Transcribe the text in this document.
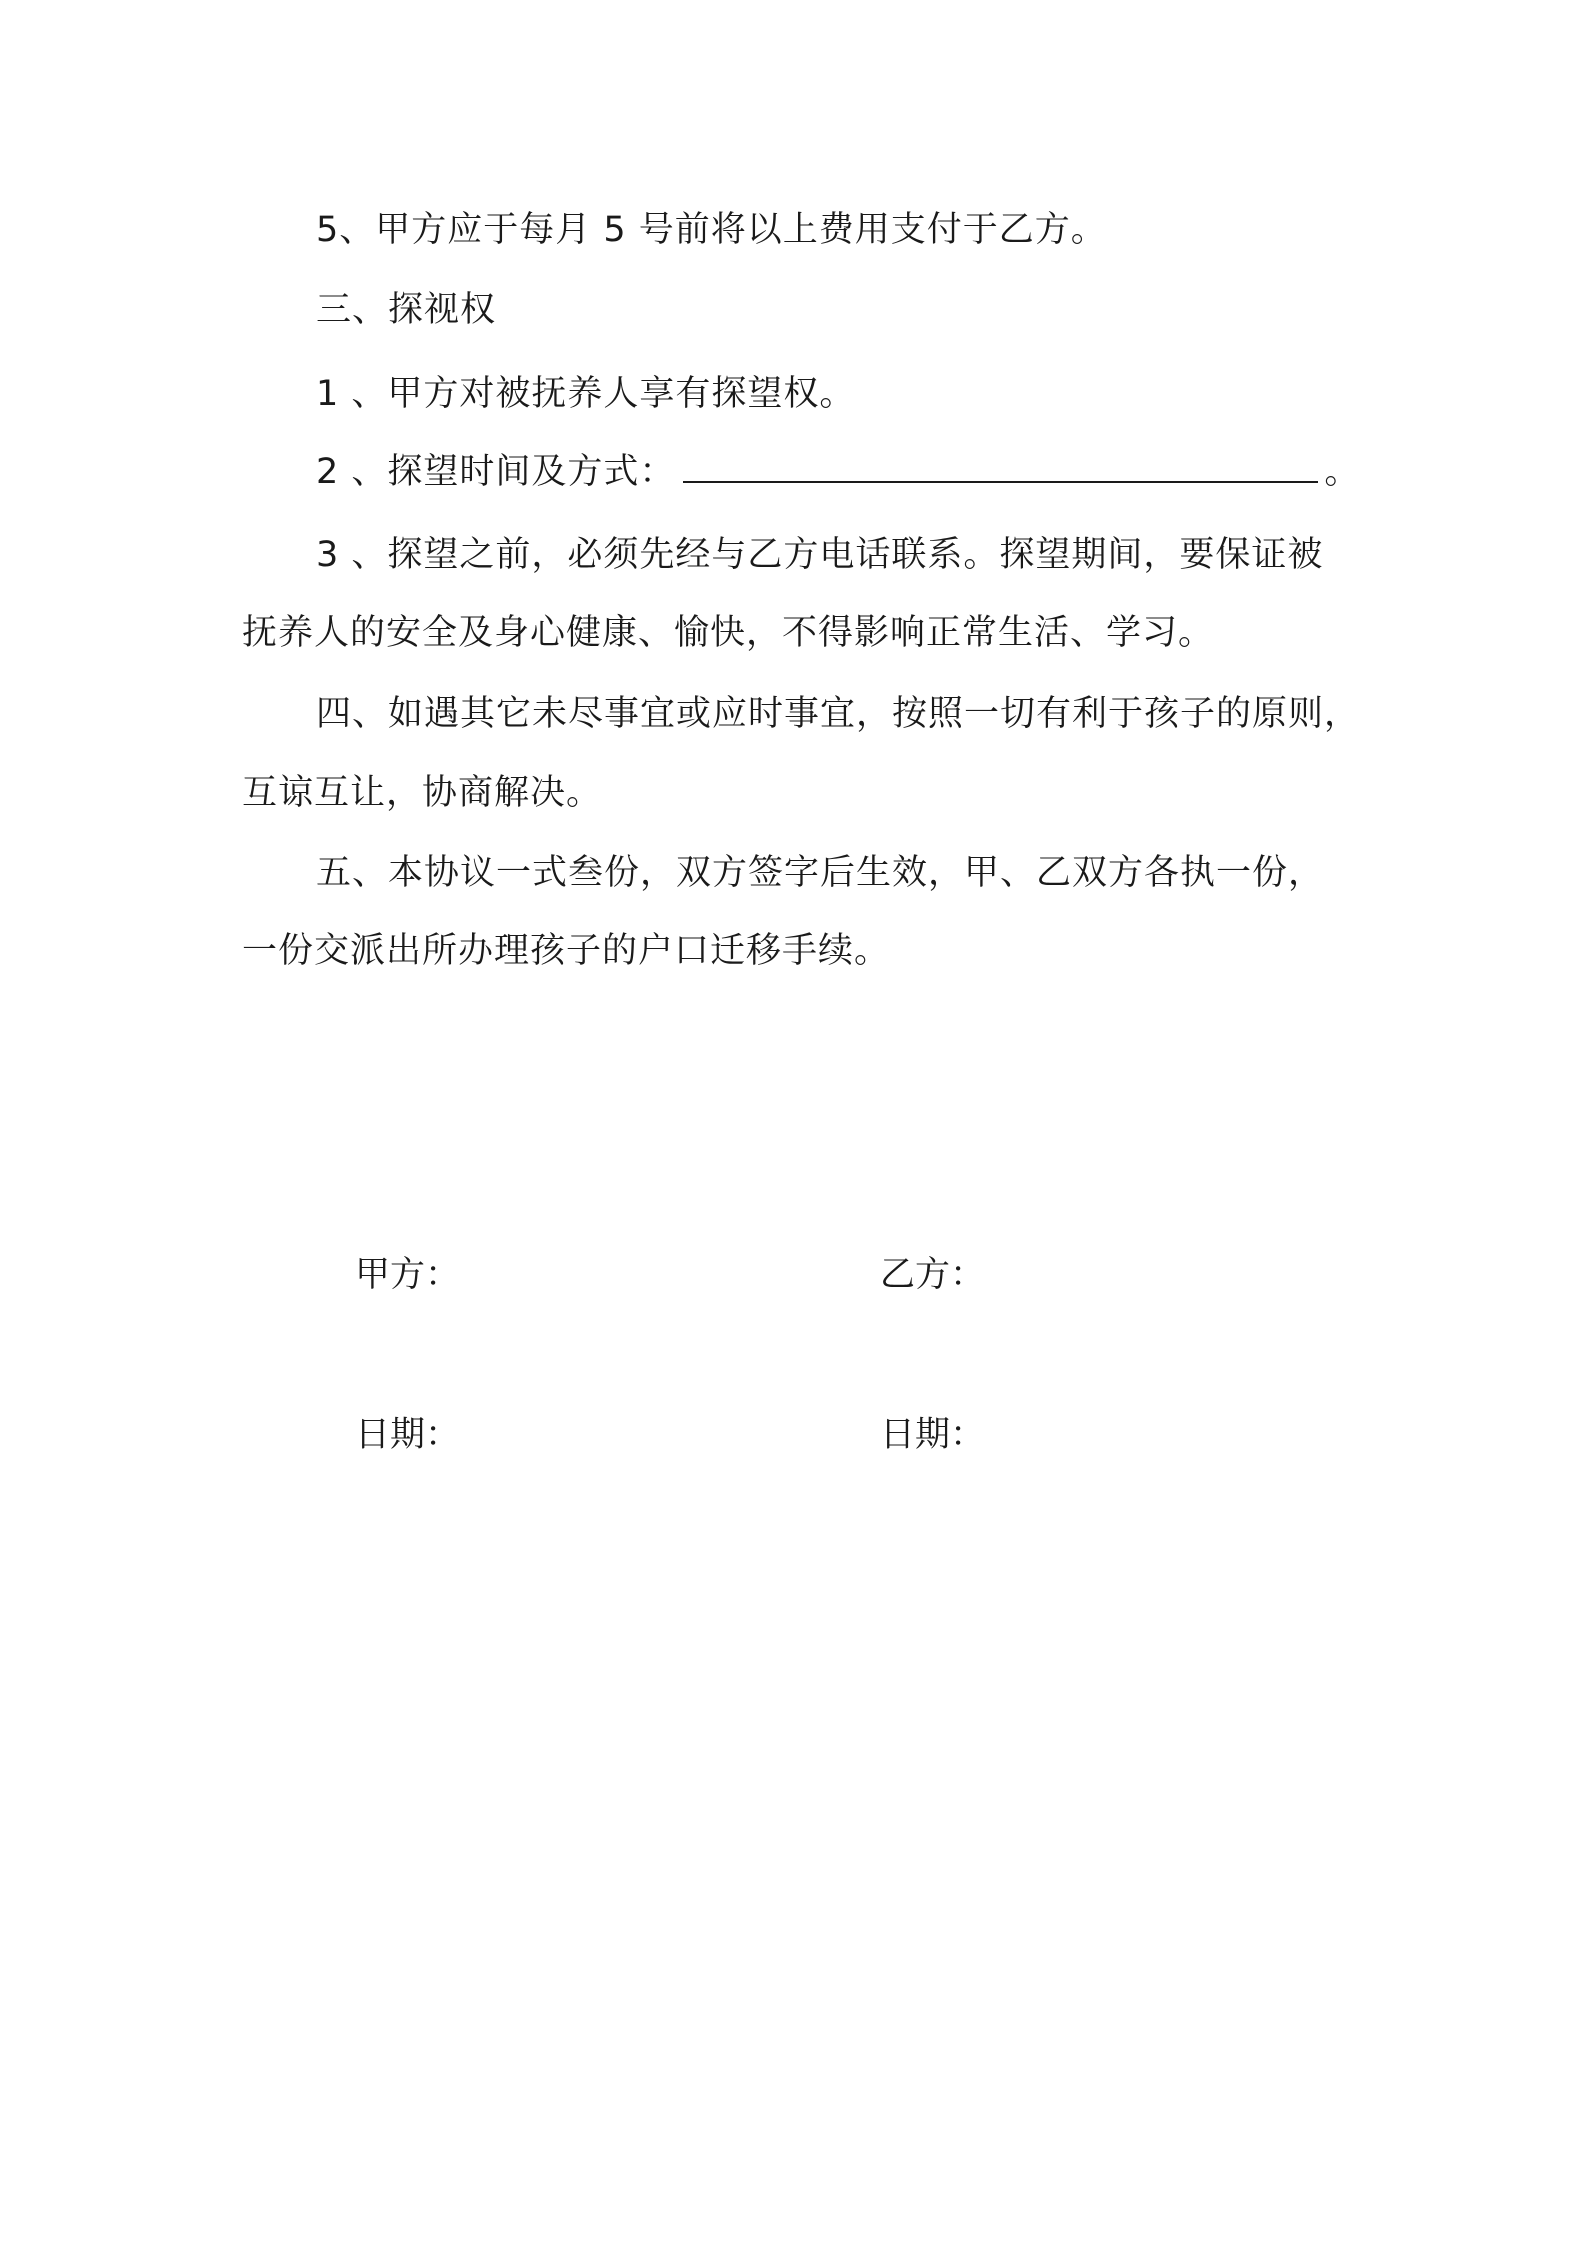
5、甲方应于每月 5 号前将以上费用支付于乙方。
三、探视权
1 、甲方对被抚养人享有探望权。
2 、探望时间及方式：	。
3 、探望之前，必须先经与乙方电话联系。探望期间，要保证被
抚养人的安全及身心健康、愉快，不得影响正常生活、学习。
四、如遇其它未尽事宜或应时事宜，按照一切有利于孩子的原则，
互谅互让，协商解决。
五、本协议一式叁份，双方签字后生效，甲、乙双方各执一份，
一份交派出所办理孩子的户口迁移手续。
甲方：	乙方：
日期：	日期：
